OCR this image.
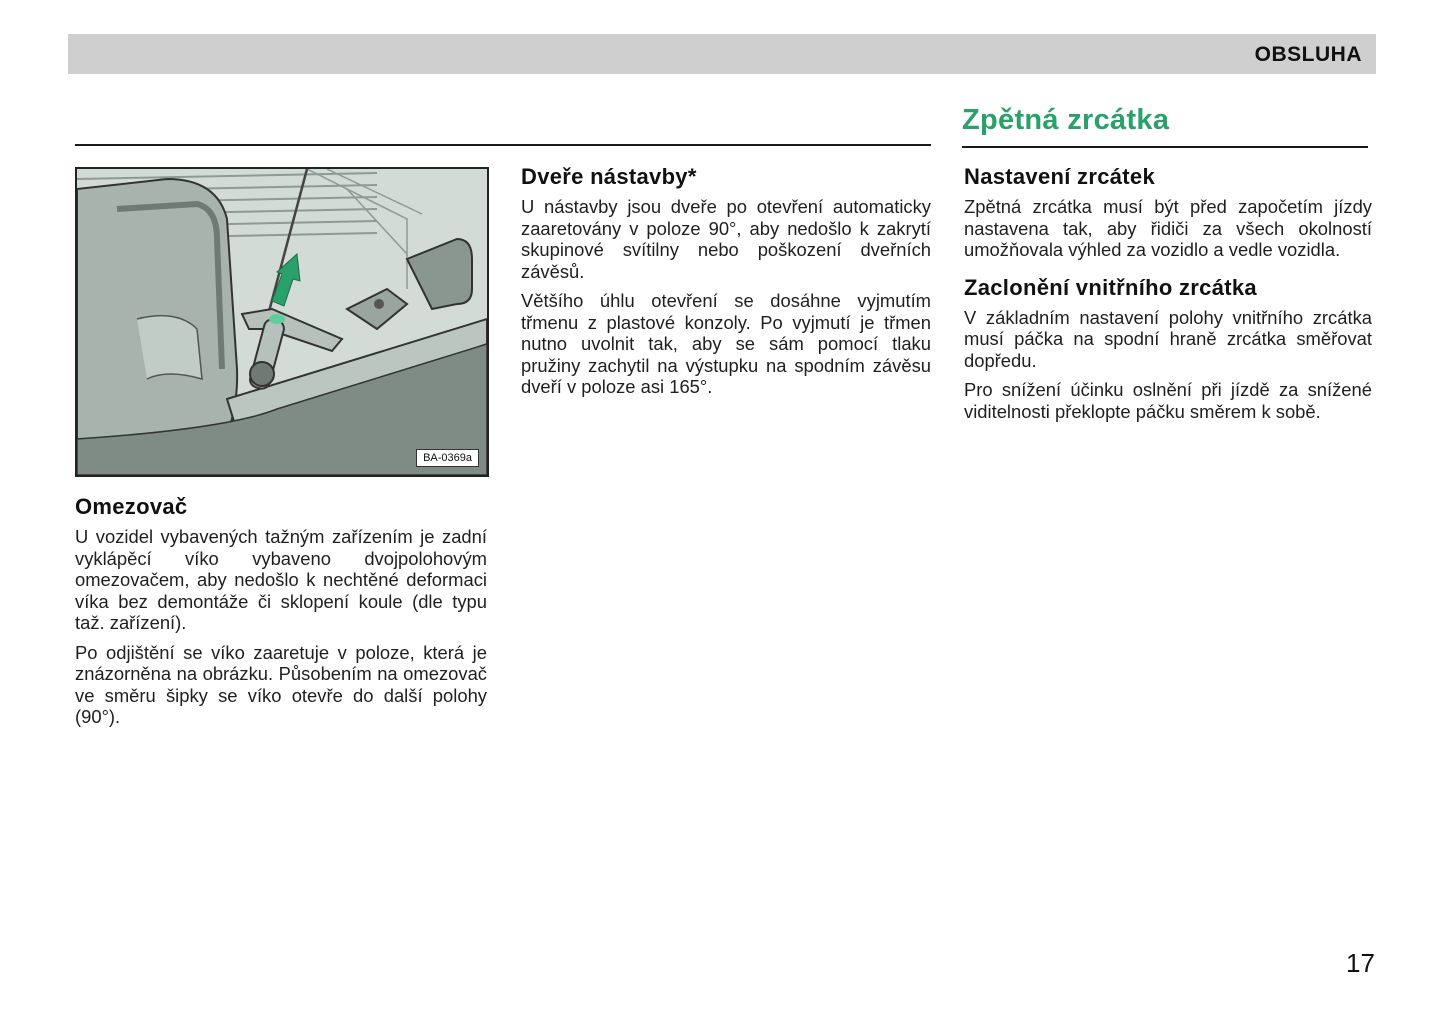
OBSLUHA
Zpětná zrcátka
BA-0369a
Omezovač

U vozidel vybavených tažným zařízením je zadní vyklápěcí víko vybaveno dvojpolohovým omezovačem, aby nedošlo k nechtěné deformaci víka bez demontáže či sklopení koule (dle typu taž. zařízení).

Po odjištění se víko zaaretuje v poloze, která je znázorněna na obrázku. Působením na omezovač ve směru šipky se víko otevře do další polohy (90°).

Dveře nástavby*

U nástavby jsou dveře po otevření automaticky zaaretovány v poloze 90°, aby nedošlo k zakrytí skupinové svítilny nebo poškození dveřních závěsů.

Většího úhlu otevření se dosáhne vyjmutím třmenu z plastové konzoly. Po vyjmutí je třmen nutno uvolnit tak, aby se sám pomocí tlaku pružiny zachytil na výstupku na spodním závěsu dveří v poloze asi 165°.

Nastavení zrcátek

Zpětná zrcátka musí být před započetím jízdy nastavena tak, aby řidiči za všech okolností umožňovala výhled za vozidlo a vedle vozidla.

Zaclonění vnitřního zrcátka

V základním nastavení polohy vnitřního zrcátka musí páčka na spodní hraně zrcátka směřovat dopředu.

Pro snížení účinku oslnění při jízdě za snížené viditelnosti překlopte páčku směrem k sobě.

17
